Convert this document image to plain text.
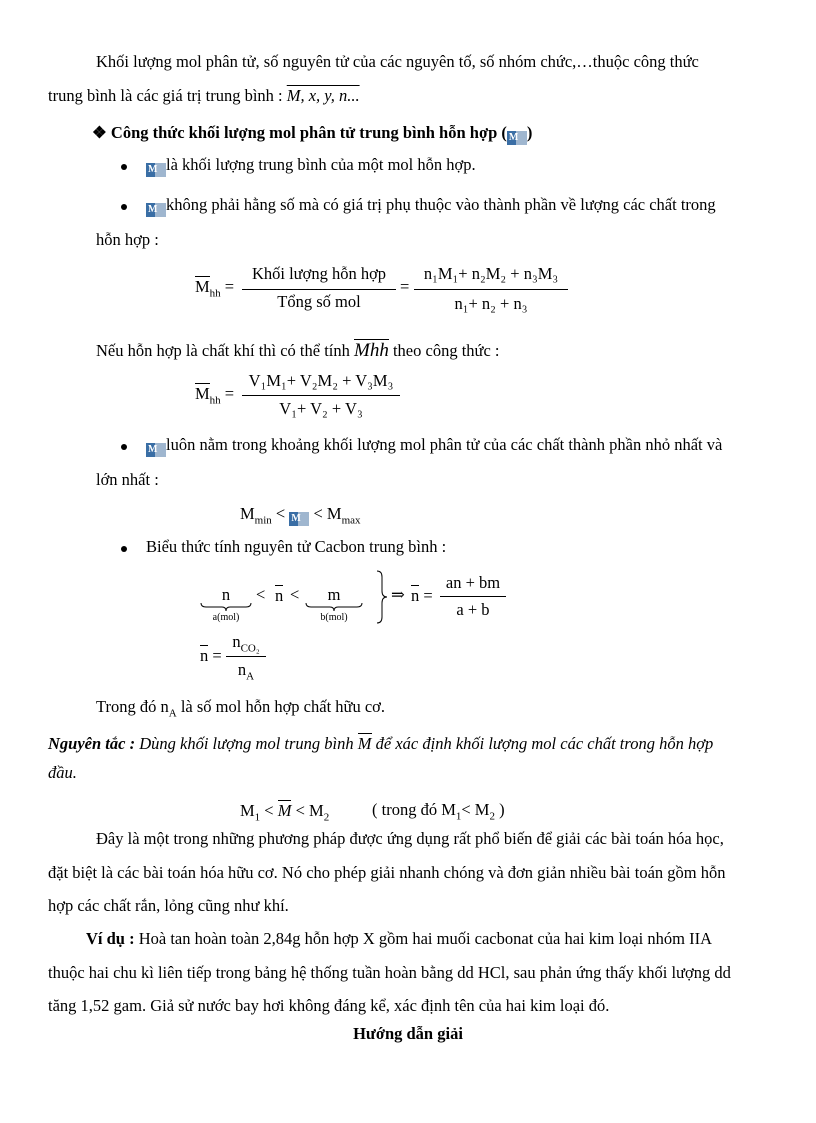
Khối lượng mol phân tử, số nguyên tử của các nguyên tố, số nhóm chức,…thuộc công thức
trung bình là các giá trị trung bình : M, x, y, n...
❖ Công thức khối lượng mol phân tử trung bình hỗn hợp ( M )
M là khối lượng trung bình của một mol hỗn hợp.
M không phải hằng số mà có giá trị phụ thuộc vào thành phần về lượng các chất trong
hỗn hợp :
$M_{hh}$ =
Khối lượng hỗn hợp
Tổng số mol
=
n₁M₁+ n₂M₂ + n₃M₃
n₁+ n₂ + n₃
Nếu hỗn hợp là chất khí thì có thể tính Mhh theo công thức :
$M_{hh}$ =
V₁M₁+ V₂M₂ + V₃M₃
V₁+ V₂ + V₃
M luôn nằm trong khoảng khối lượng mol phân tử của các chất thành phần nhỏ nhất và
lớn nhất :
$M_{min} < M < M_{max}$
Biểu thức tính nguyên tử Cacbon trung bình :
n
a(mol)
< n <	m
b(mol)
⇒ n =
an + bm
a + b
n =
$n_{CO_2}$
$n_A$
Trong đó $n_A$ là số mol hỗn hợp chất hữu cơ.
Nguyên tắc : Dùng khối lượng mol trung bình M để xác định khối lượng mol các chất trong hỗn hợp
đầu.
$M_1 < M < M_2$	( trong đó $M_1< M_2$ )
Đây là một trong những phương pháp được ứng dụng rất phổ biến để giải các bài toán hóa học,
đặt biệt là các bài toán hóa hữu cơ. Nó cho phép giải nhanh chóng và đơn giản nhiều bài toán gồm hỗn
hợp các chất rắn, lỏng cũng như khí.
Ví dụ : Hoà tan hoàn toàn 2,84g hỗn hợp X gồm hai muối cacbonat của hai kim loại nhóm IIA
thuộc hai chu kì liên tiếp trong bảng hệ thống tuần hoàn bằng dd HCl, sau phản ứng thấy khối lượng dd
tăng 1,52 gam. Giả sử nước bay hơi không đáng kể, xác định tên của hai kim loại đó.
Hướng dẫn giải
